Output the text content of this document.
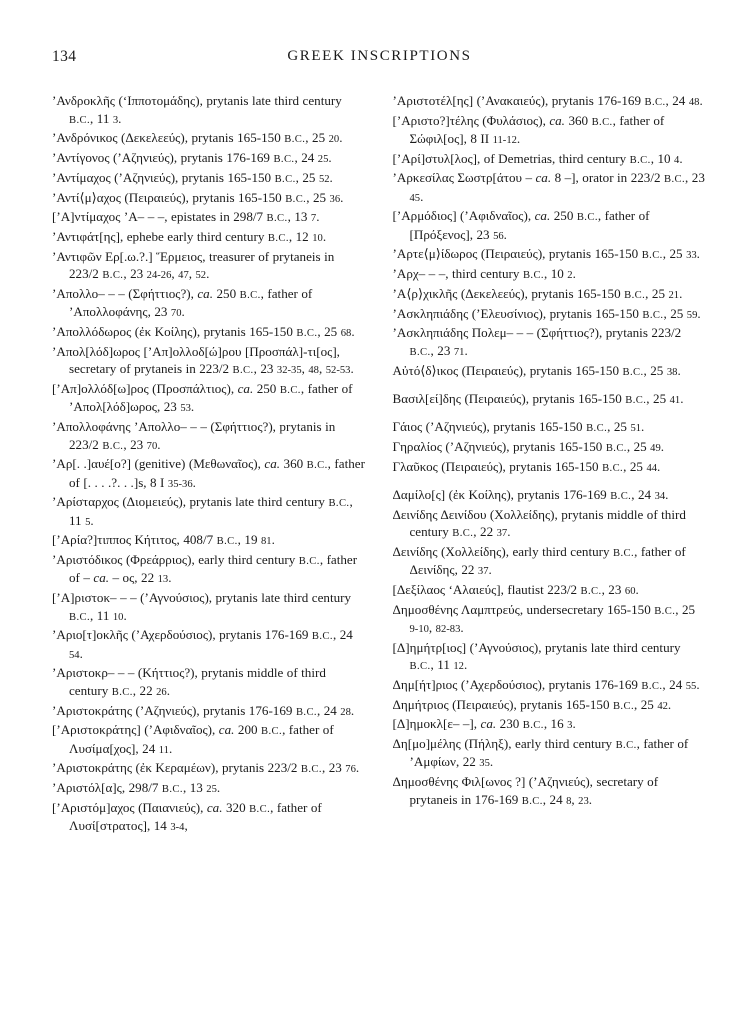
134	GREEK INSCRIPTIONS
’Ανδροκλῆς (‘Ιπποτομάδης), prytanis late third century B.C., 11 3.
’Ανδρόνικος (Δεκελεεύς), prytanis 165-150 B.C., 25 20.
’Αντίγονος (’Αζηνιεύς), prytanis 176-169 B.C., 24 25.
’Αντίμαχος (’Αζηνιεύς), prytanis 165-150 B.C., 25 52.
’Αντί⟨μ⟩αχος (Πειραιεύς), prytanis 165-150 B.C., 25 36.
[’Α]ντίμαχος ’Α– – –, epistates in 298/7 B.C., 13 7.
’Αντιφάτ[ης], ephebe early third century B.C., 12 10.
’Αντιφῶν Ερ[.ω.?.] Ἕρμειος, treasurer of prytaneis in 223/2 B.C., 23 24-26, 47, 52.
’Απολλο– – – (Σφήττιος?), ca. 250 B.C., father of ’Απολλοφάνης, 23 70.
’Απολλόδωρος (ἐκ Κοίλης), prytanis 165-150 B.C., 25 68.
’Απολ[λόδ]ωρος [’Απ]ολλοδ[ώ]ρου [Προσπάλ]-τι[ος], secretary of prytaneis in 223/2 B.C., 23 32-35, 48, 52-53.
[’Απ]ολλόδ[ω]ρος (Προσπάλτιος), ca. 250 B.C., father of ’Απολ[λόδ]ωρος, 23 53.
’Απολλοφάνης ’Απολλο– – – (Σφήττιος?), prytanis in 223/2 B.C., 23 70.
’Αρ[. .]αυέ[ο?] (genitive) (Μεθωναῖος), ca. 360 B.C., father of [. . . .?. . .]s, 8 I 35-36.
’Αρίσταρχος (Διομειεύς), prytanis late third century B.C., 11 5.
[’Αρία?]τιππος Κήτιτος, 408/7 B.C., 19 81.
’Αριστόδικος (Φρεάρριος), early third century B.C., father of – ca. – ος, 22 13.
[’Α]ριστοκ– – – (’Αγνούσιος), prytanis late third century B.C., 11 10.
’Αριο[τ]οκλῆς (’Αχερδούσιος), prytanis 176-169 B.C., 24 54.
’Αριστοκρ– – – (Κήττιος?), prytanis middle of third century B.C., 22 26.
’Αριστοκράτης (’Αζηνιεύς), prytanis 176-169 B.C., 24 28.
[’Αριστοκράτης] (’Αφιδναῖος), ca. 200 B.C., father of Λυσίμα[χος], 24 11.
’Αριστοκράτης (ἐκ Κεραμέων), prytanis 223/2 B.C., 23 76.
’Αριστόλ[α]ς, 298/7 B.C., 13 25.
[’Αριστόμ]αχος (Παιανιεύς), ca. 320 B.C., father of Λυσί[στρατος], 14 3-4,
’Αριστοτέλ[ης] (’Ανακαιεύς), prytanis 176-169 B.C., 24 48.
[’Αριστο?]τέλης (Φυλάσιος), ca. 360 B.C., father of Σώφιλ[ος], 8 II 11-12.
[’Αρί]στυλ[λος], of Demetrias, third century B.C., 10 4.
’Αρκεσίλας Σωστρ[άτου – ca. 8 –], orator in 223/2 B.C., 23 45.
[’Αρμόδιος] (’Αφιδναῖος), ca. 250 B.C., father of [Πρόξενος], 23 56.
’Αρτε⟨μ⟩ίδωρος (Πειραιεύς), prytanis 165-150 B.C., 25 33.
’Αρχ– – –, third century B.C., 10 2.
’Α⟨ρ⟩χικλῆς (Δεκελεεύς), prytanis 165-150 B.C., 25 21.
’Ασκληπιάδης (’Ελευσίνιος), prytanis 165-150 B.C., 25 59.
’Ασκληπιάδης Πολεμ– – – (Σφήττιος?), prytanis 223/2 B.C., 23 71.
Αὐτό⟨δ⟩ικος (Πειραιεύς), prytanis 165-150 B.C., 25 38.
Βασιλ[εί]δης (Πειραιεύς), prytanis 165-150 B.C., 25 41.
Γάιος (’Αζηνιεύς), prytanis 165-150 B.C., 25 51.
Γηραλίος (’Αζηνιεύς), prytanis 165-150 B.C., 25 49.
Γλαῦκος (Πειραιεύς), prytanis 165-150 B.C., 25 44.
Δαμίλο[ς] (ἐκ Κοίλης), prytanis 176-169 B.C., 24 34.
Δεινίδης Δεινίδου (Χολλείδης), prytanis middle of third century B.C., 22 37.
Δεινίδης (Χολλείδης), early third century B.C., father of Δεινίδης, 22 37.
[Δεξίλαος ‘Αλαιεύς], flautist 223/2 B.C., 23 60.
Δημοσθένης Λαμπτρεύς, undersecretary 165-150 B.C., 25 9-10, 82-83.
[Δ]ημήτρ[ιος] (’Αγνούσιος), prytanis late third century B.C., 11 12.
Δημ[ήτ]ριος (’Αχερδούσιος), prytanis 176-169 B.C., 24 55.
Δημήτριος (Πειραιεύς), prytanis 165-150 B.C., 25 42.
[Δ]ημοκλ[ε– –], ca. 230 B.C., 16 3.
Δη[μο]μέλης (Πήληξ), early third century B.C., father of ’Αμφίων, 22 35.
Δημοσθένης Φιλ[ωνος ?] (’Αζηνιεύς), secretary of prytaneis in 176-169 B.C., 24 8, 23.
